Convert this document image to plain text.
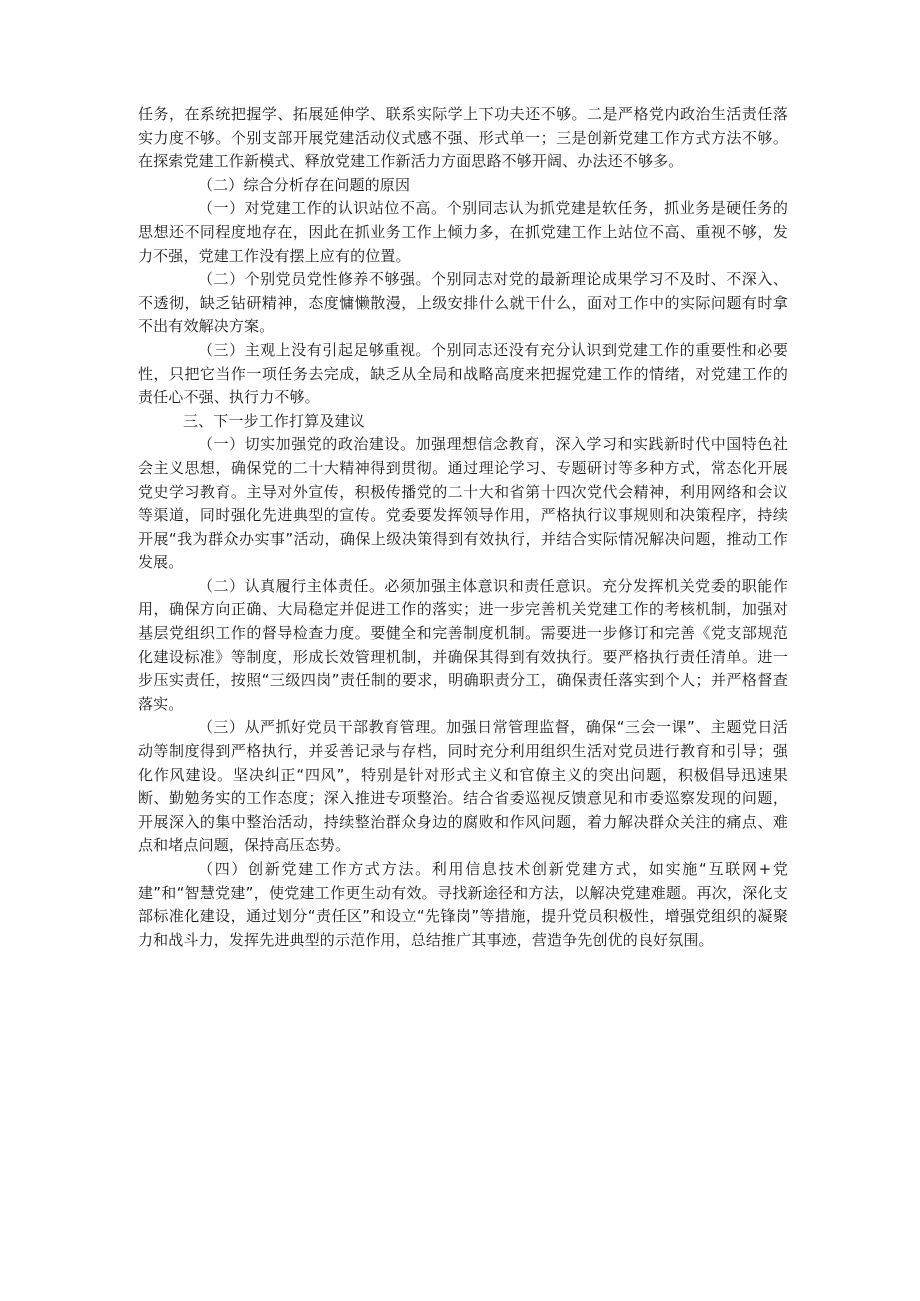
任务，在系统把握学、拓展延伸学、联系实际学上下功夫还不够。二是严格党内政治生活责任落实力度不够。个别支部开展党建活动仪式感不强、形式单一；三是创新党建工作方式方法不够。在探索党建工作新模式、释放党建工作新活力方面思路不够开阔、办法还不够多。

（二）综合分析存在问题的原因

（一）对党建工作的认识站位不高。个别同志认为抓党建是软任务，抓业务是硬任务的思想还不同程度地存在，因此在抓业务工作上倾力多，在抓党建工作上站位不高、重视不够，发力不强，党建工作没有摆上应有的位置。

（二）个别党员党性修养不够强。个别同志对党的最新理论成果学习不及时、不深入、不透彻，缺乏钻研精神，态度慵懒散漫，上级安排什么就干什么，面对工作中的实际问题有时拿不出有效解决方案。

（三）主观上没有引起足够重视。个别同志还没有充分认识到党建工作的重要性和必要性，只把它当作一项任务去完成，缺乏从全局和战略高度来把握党建工作的情绪，对党建工作的责任心不强、执行力不够。

三、下一步工作打算及建议

（一）切实加强党的政治建设。加强理想信念教育，深入学习和实践新时代中国特色社会主义思想，确保党的二十大精神得到贯彻。通过理论学习、专题研讨等多种方式，常态化开展党史学习教育。主导对外宣传，积极传播党的二十大和省第十四次党代会精神，利用网络和会议等渠道，同时强化先进典型的宣传。党委要发挥领导作用，严格执行议事规则和决策程序，持续开展“我为群众办实事”活动，确保上级决策得到有效执行，并结合实际情况解决问题，推动工作发展。

（二）认真履行主体责任。必须加强主体意识和责任意识。充分发挥机关党委的职能作用，确保方向正确、大局稳定并促进工作的落实；进一步完善机关党建工作的考核机制，加强对基层党组织工作的督导检查力度。要健全和完善制度机制。需要进一步修订和完善《党支部规范化建设标准》等制度，形成长效管理机制，并确保其得到有效执行。要严格执行责任清单。进一步压实责任，按照“三级四岗”责任制的要求，明确职责分工，确保责任落实到个人；并严格督查落实。

（三）从严抓好党员干部教育管理。加强日常管理监督，确保“三会一课”、主题党日活动等制度得到严格执行，并妥善记录与存档，同时充分利用组织生活对党员进行教育和引导；强化作风建设。坚决纠正“四风”，特别是针对形式主义和官僚主义的突出问题，积极倡导迅速果断、勤勉务实的工作态度；深入推进专项整治。结合省委巡视反馈意见和市委巡察发现的问题，开展深入的集中整治活动，持续整治群众身边的腐败和作风问题，着力解决群众关注的痛点、难点和堵点问题，保持高压态势。

（四）创新党建工作方式方法。利用信息技术创新党建方式，如实施“互联网+党建”和“智慧党建”，使党建工作更生动有效。寻找新途径和方法，以解决党建难题。再次，深化支部标准化建设，通过划分“责任区”和设立“先锋岗”等措施，提升党员积极性，增强党组织的凝聚力和战斗力，发挥先进典型的示范作用，总结推广其事迹，营造争先创优的良好氛围。
